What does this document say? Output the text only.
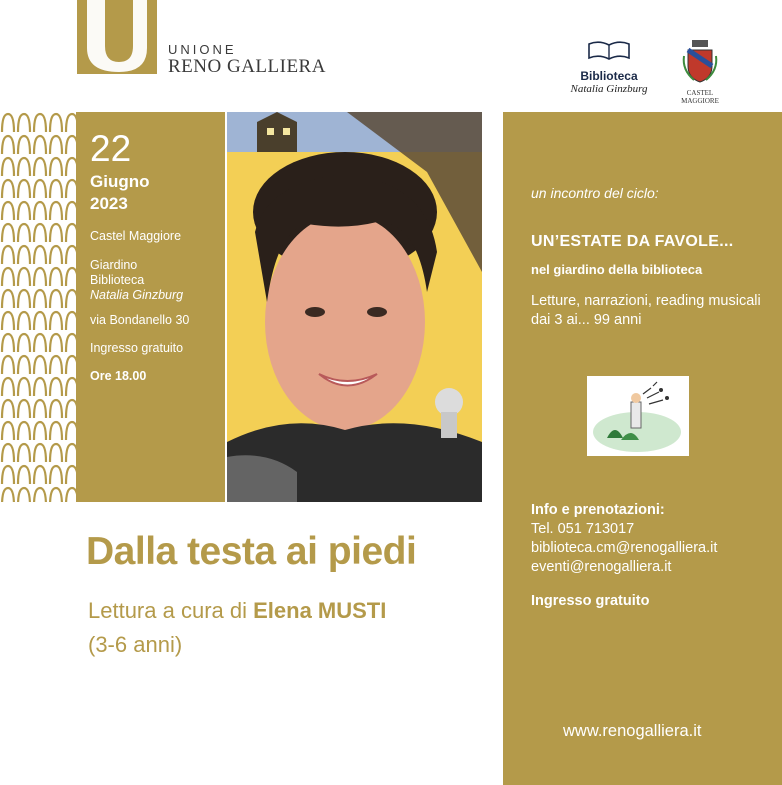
UNIONE
RENO GALLIERA	Biblioteca
Natalia Ginzburg	CASTEL
MAGGIORE
22
Giugno
2023
Castel Maggiore
Giardino
Biblioteca
Natalia Ginzburg
via Bondanello 30
Ingresso gratuito
Ore 18.00
un incontro del ciclo:
UN’ESTATE DA FAVOLE...
nel giardino della biblioteca
Letture, narrazioni, reading musicali dai 3 ai... 99 anni
Info e prenotazioni:
Tel. 051 713017
biblioteca.cm@renogalliera.it
eventi@renogalliera.it
Ingresso gratuito
www.renogalliera.it
Dalla testa ai piedi
Lettura a cura di Elena MUSTI
(3-6 anni)
